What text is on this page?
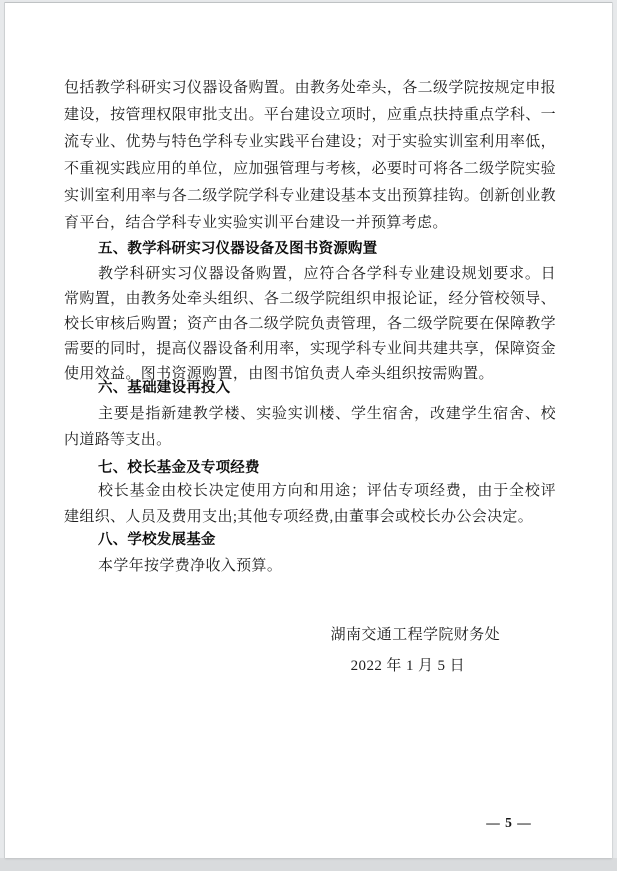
包括教学科研实习仪器设备购置。由教务处牵头，各二级学院按规定申报建设，按管理权限审批支出。平台建设立项时，应重点扶持重点学科、一流专业、优势与特色学科专业实践平台建设；对于实验实训室利用率低，不重视实践应用的单位，应加强管理与考核，必要时可将各二级学院实验实训室利用率与各二级学院学科专业建设基本支出预算挂钩。创新创业教育平台，结合学科专业实验实训平台建设一并预算考虑。

五、教学科研实习仪器设备及图书资源购置

教学科研实习仪器设备购置，应符合各学科专业建设规划要求。日常购置，由教务处牵头组织、各二级学院组织申报论证，经分管校领导、校长审核后购置；资产由各二级学院负责管理，各二级学院要在保障教学需要的同时，提高仪器设备利用率，实现学科专业间共建共享，保障资金使用效益。图书资源购置，由图书馆负责人牵头组织按需购置。

六、基础建设再投入

主要是指新建教学楼、实验实训楼、学生宿舍，改建学生宿舍、校内道路等支出。

七、校长基金及专项经费

校长基金由校长决定使用方向和用途；评估专项经费，由于全校评建组织、人员及费用支出;其他专项经费,由董事会或校长办公会决定。

八、学校发展基金

本学年按学费净收入预算。

湖南交通工程学院财务处
2022 年 1 月 5 日
— 5 —
